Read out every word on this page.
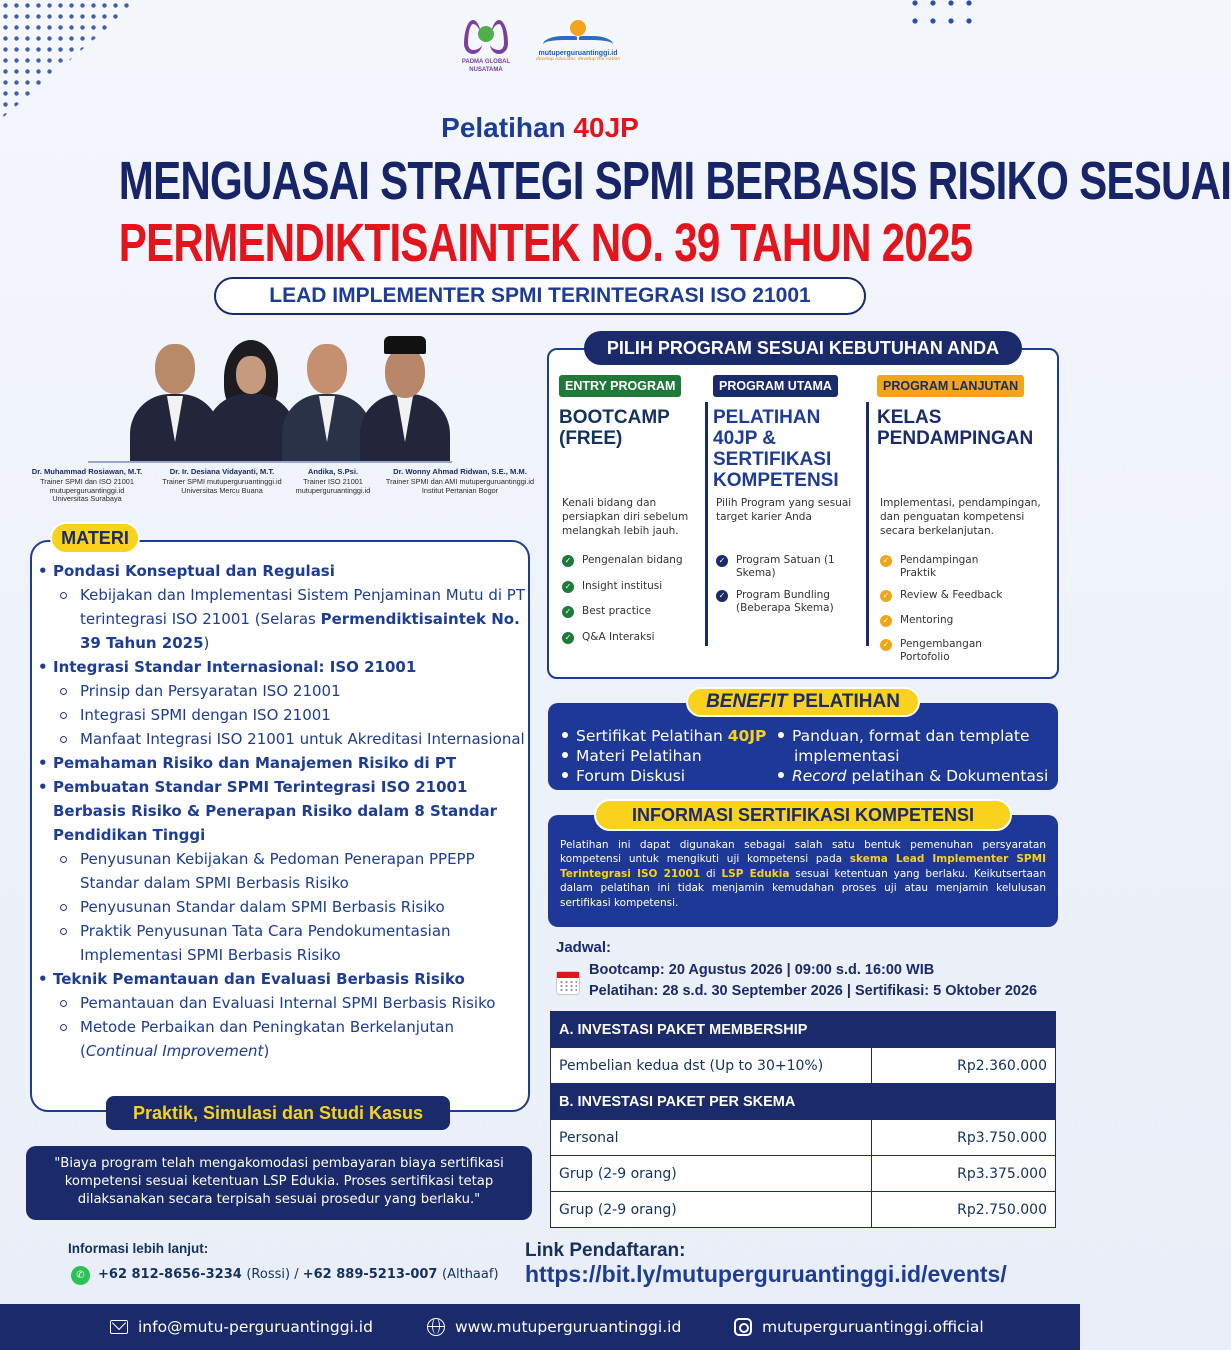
PADMA GLOBAL NUSATAMA
mutuperguruantinggi.id
develop educator, develop the nation
Pelatihan 40JP
MENGUASAI STRATEGI SPMI BERBASIS RISIKO SESUAI
PERMENDIKTISAINTEK NO. 39 TAHUN 2025
LEAD IMPLEMENTER SPMI TERINTEGRASI ISO 21001
Dr. Muhammad Rosiawan, M.T.
Trainer SPMI dan ISO 21001
mutuperguruantinggi.id
Universitas Surabaya
Dr. Ir. Desiana Vidayanti, M.T.
Trainer SPMI mutuperguruantinggi.id
Universitas Mercu Buana
Andika, S.Psi.
Trainer ISO 21001
mutuperguruantinggi.id
Dr. Wonny Ahmad Ridwan, S.E., M.M.
Trainer SPMI dan AMI mutuperguruantinggi.id
Institut Pertanian Bogor
PILIH PROGRAM SESUAI KEBUTUHAN ANDA
ENTRY PROGRAM
BOOTCAMP (FREE)
Kenali bidang dan persiapkan diri sebelum melangkah lebih jauh.
✓ Pengenalan bidang
✓ Insight institusi
✓ Best practice
✓ Q&A Interaksi
PROGRAM UTAMA
PELATIHAN 40JP & SERTIFIKASI KOMPETENSI
Pilih Program yang sesuai target karier Anda
✓ Program Satuan (1 Skema)
✓ Program Bundling (Beberapa Skema)
PROGRAM LANJUTAN
KELAS PENDAMPINGAN
Implementasi, pendampingan, dan penguatan kompetensi secara berkelanjutan.
✓ Pendampingan Praktik
✓ Review & Feedback
✓ Mentoring
✓ Pengembangan Portofolio
BENEFIT PELATIHAN
Sertifikat Pelatihan 40JP
Materi Pelatihan
Forum Diskusi
Panduan, format dan template implementasi
Record pelatihan & Dokumentasi
INFORMASI SERTIFIKASI KOMPETENSI
Pelatihan ini dapat digunakan sebagai salah satu bentuk pemenuhan persyaratan kompetensi untuk mengikuti uji kompetensi pada skema Lead Implementer SPMI Terintegrasi ISO 21001 di LSP Edukia sesuai ketentuan yang berlaku. Keikutsertaan dalam pelatihan ini tidak menjamin kemudahan proses uji atau menjamin kelulusan sertifikasi kompetensi.
Jadwal:
Bootcamp: 20 Agustus 2026 | 09:00 s.d. 16:00 WIB
Pelatihan: 28 s.d. 30 September 2026 | Sertifikasi: 5 Oktober 2026
A. INVESTASI PAKET MEMBERSHIP	
Pembelian kedua dst (Up to 30+10%)	Rp2.360.000
B. INVESTASI PAKET PER SKEMA	
Personal	Rp3.750.000
Grup (2-9 orang)	Rp3.375.000
Grup (2-9 orang)	Rp2.750.000
MATERI
• Pondasi Konseptual dan Regulasi
Kebijakan dan Implementasi Sistem Penjaminan Mutu di PT terintegrasi ISO 21001 (Selaras Permendiktisaintek No. 39 Tahun 2025)
• Integrasi Standar Internasional: ISO 21001
Prinsip dan Persyaratan ISO 21001
Integrasi SPMI dengan ISO 21001
Manfaat Integrasi ISO 21001 untuk Akreditasi Internasional
• Pemahaman Risiko dan Manajemen Risiko di PT
• Pembuatan Standar SPMI Terintegrasi ISO 21001 Berbasis Risiko & Penerapan Risiko dalam 8 Standar Pendidikan Tinggi
Penyusunan Kebijakan & Pedoman Penerapan PPEPP Standar dalam SPMI Berbasis Risiko
Penyusunan Standar dalam SPMI Berbasis Risiko
Praktik Penyusunan Tata Cara Pendokumentasian Implementasi SPMI Berbasis Risiko
• Teknik Pemantauan dan Evaluasi Berbasis Risiko
Pemantauan dan Evaluasi Internal SPMI Berbasis Risiko
Metode Perbaikan dan Peningkatan Berkelanjutan (Continual Improvement)
Praktik, Simulasi dan Studi Kasus
"Biaya program telah mengakomodasi pembayaran biaya sertifikasi kompetensi sesuai ketentuan LSP Edukia. Proses sertifikasi tetap dilaksanakan secara terpisah sesuai prosedur yang berlaku."
Informasi lebih lanjut:
✆	+62 812-8656-3234 (Rossi) / +62 889-5213-007 (Althaaf)
Link Pendaftaran:
https://bit.ly/mutuperguruantinggi.id/events/
info@mutu-perguruantinggi.id	www.mutuperguruantinggi.id	mutuperguruantinggi.official
